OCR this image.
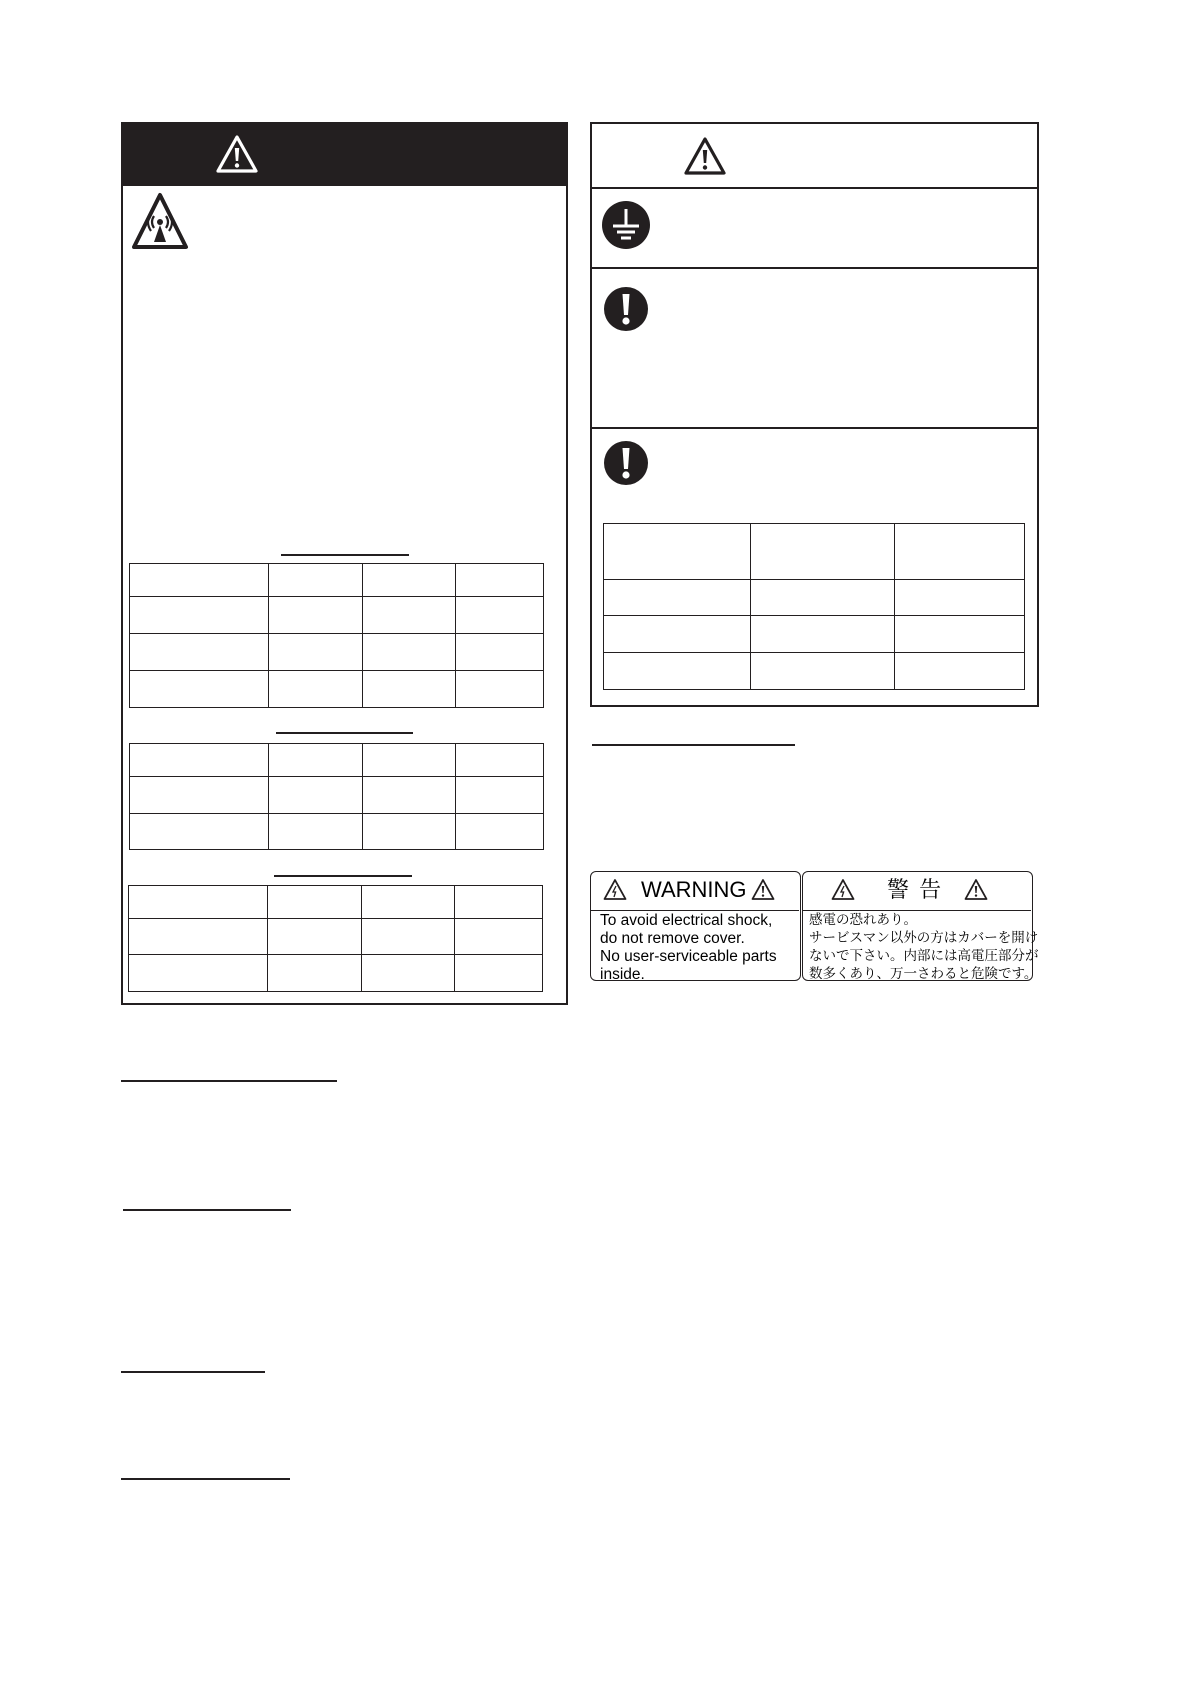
WARNING
To avoid electrical shock,
do not remove cover.
No user-serviceable parts
inside.
警 告
感電の恐れあり。
サービスマン以外の方はカバーを開け
ないで下さい。内部には高電圧部分が
数多くあり、万一さわると危険です。
